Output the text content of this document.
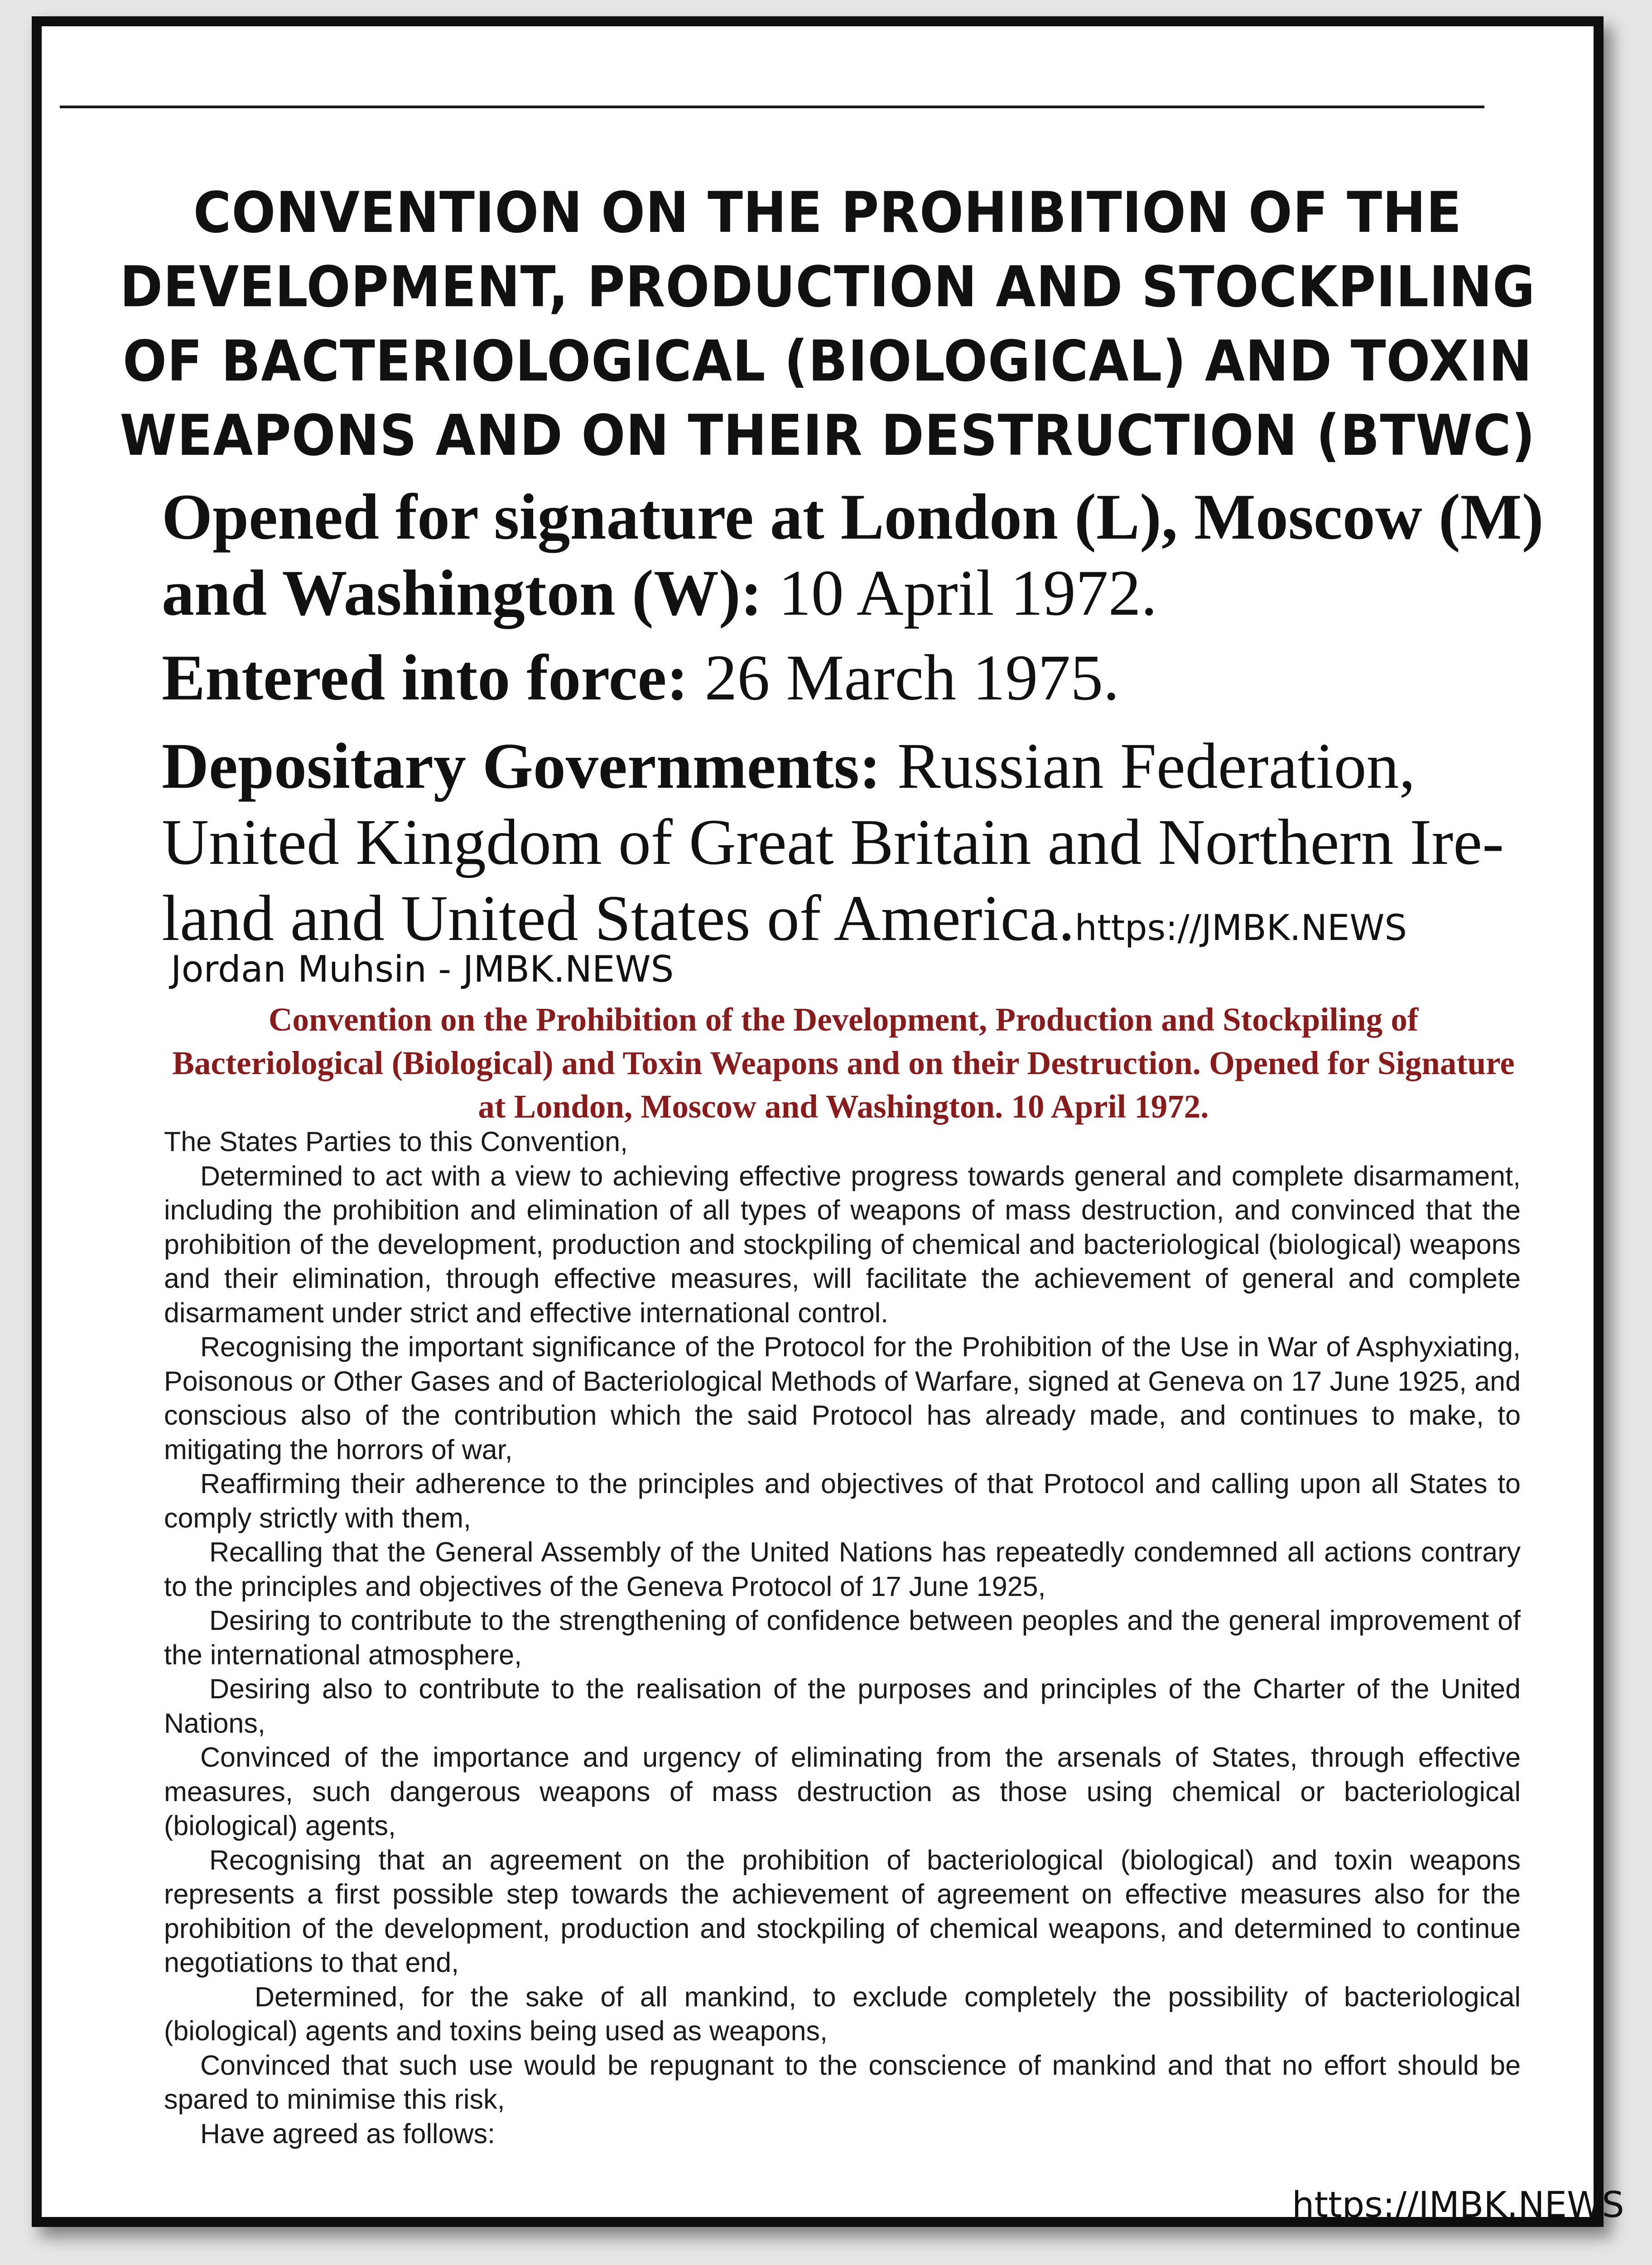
CONVENTION ON THE PROHIBITION OF THE
DEVELOPMENT, PRODUCTION AND STOCKPILING
OF BACTERIOLOGICAL (BIOLOGICAL) AND TOXIN
WEAPONS AND ON THEIR DESTRUCTION (BTWC)
Opened for signature at London (L), Moscow (M) and Washington (W): 10 April 1972.
Entered into force: 26 March 1975.
Depositary Governments: Russian Federation,
United Kingdom of Great Britain and Northern Ire-
land and United States of America.https://JMBK.NEWS
Jordan Muhsin - JMBK.NEWS
Convention on the Prohibition of the Development, Production and Stockpiling of Bacteriological (Biological) and Toxin Weapons and on their Destruction. Opened for Signature at London, Moscow and Washington. 10 April 1972.

The States Parties to this Convention,

Determined to act with a view to achieving effective progress towards general and complete disarmament, including the prohibition and elimination of all types of weapons of mass destruction, and convinced that the prohibition of the development, production and stockpiling of chemical and bacteriological (biological) weapons and their elimination, through effective measures, will facilitate the achievement of general and complete disarmament under strict and effective international control.

Recognising the important significance of the Protocol for the Prohibition of the Use in War of Asphyxiating, Poisonous or Other Gases and of Bacteriological Methods of Warfare, signed at Geneva on 17 June 1925, and conscious also of the contribution which the said Protocol has already made, and continues to make, to mitigating the horrors of war,

Reaffirming their adherence to the principles and objectives of that Protocol and calling upon all States to comply strictly with them,

Recalling that the General Assembly of the United Nations has repeatedly condemned all actions contrary to the principles and objectives of the Geneva Protocol of 17 June 1925,

Desiring to contribute to the strengthening of confidence between peoples and the general improvement of the international atmosphere,

Desiring also to contribute to the realisation of the purposes and principles of the Charter of the United Nations,

Convinced of the importance and urgency of eliminating from the arsenals of States, through effective measures, such dangerous weapons of mass destruction as those using chemical or bacteriological (biological) agents,

Recognising that an agreement on the prohibition of bacteriological (biological) and toxin weapons represents a first possible step towards the achievement of agreement on effective measures also for the prohibition of the development, production and stockpiling of chemical weapons, and determined to continue negotiations to that end,

Determined, for the sake of all mankind, to exclude completely the possibility of bacteriological (biological) agents and toxins being used as weapons,

Convinced that such use would be repugnant to the conscience of mankind and that no effort should be spared to minimise this risk,

Have agreed as follows:

https://JMBK.NEWS
